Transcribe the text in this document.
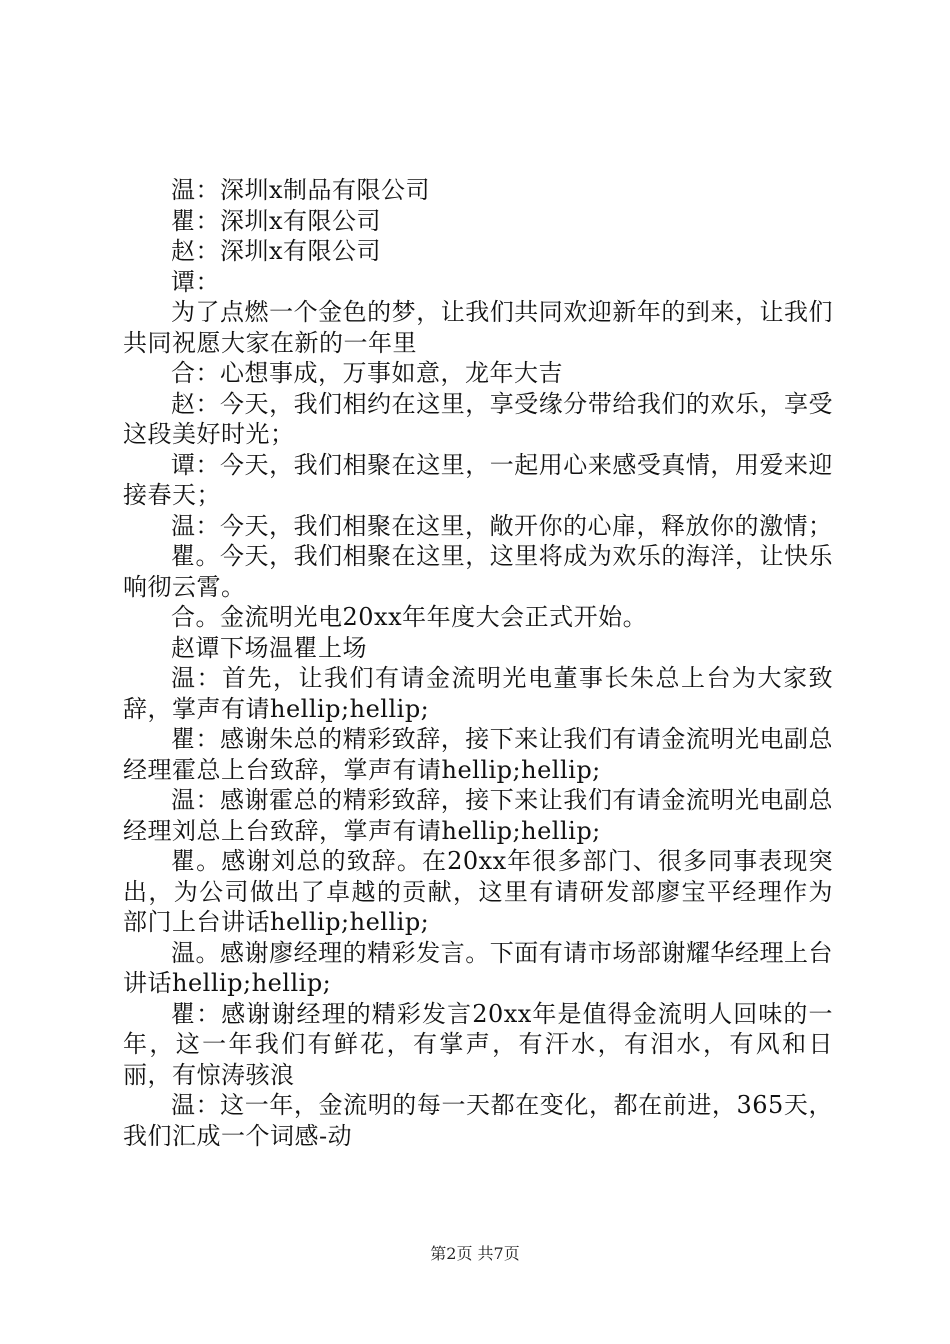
温：深圳x制品有限公司

瞿：深圳x有限公司

赵：深圳x有限公司

谭：

为了点燃一个金色的梦，让我们共同欢迎新年的到来，让我们共同祝愿大家在新的一年里

合：心想事成，万事如意，龙年大吉

赵：今天，我们相约在这里，享受缘分带给我们的欢乐，享受这段美好时光；

谭：今天，我们相聚在这里，一起用心来感受真情，用爱来迎接春天；

温：今天，我们相聚在这里，敞开你的心扉，释放你的激情；

瞿。今天，我们相聚在这里，这里将成为欢乐的海洋，让快乐响彻云霄。

合。金流明光电20xx年年度大会正式开始。

赵谭下场温瞿上场

温：首先，让我们有请金流明光电董事长朱总上台为大家致辞，掌声有请hellip;hellip;

瞿：感谢朱总的精彩致辞，接下来让我们有请金流明光电副总经理霍总上台致辞，掌声有请hellip;hellip;

温：感谢霍总的精彩致辞，接下来让我们有请金流明光电副总经理刘总上台致辞，掌声有请hellip;hellip;

瞿。感谢刘总的致辞。在20xx年很多部门、很多同事表现突出，为公司做出了卓越的贡献，这里有请研发部廖宝平经理作为部门上台讲话hellip;hellip;

温。感谢廖经理的精彩发言。下面有请市场部谢耀华经理上台讲话hellip;hellip;

瞿：感谢谢经理的精彩发言20xx年是值得金流明人回味的一年，这一年我们有鲜花，有掌声，有汗水，有泪水，有风和日丽，有惊涛骇浪

温：这一年，金流明的每一天都在变化，都在前进，365天，我们汇成一个词感-动

第2页 共7页
